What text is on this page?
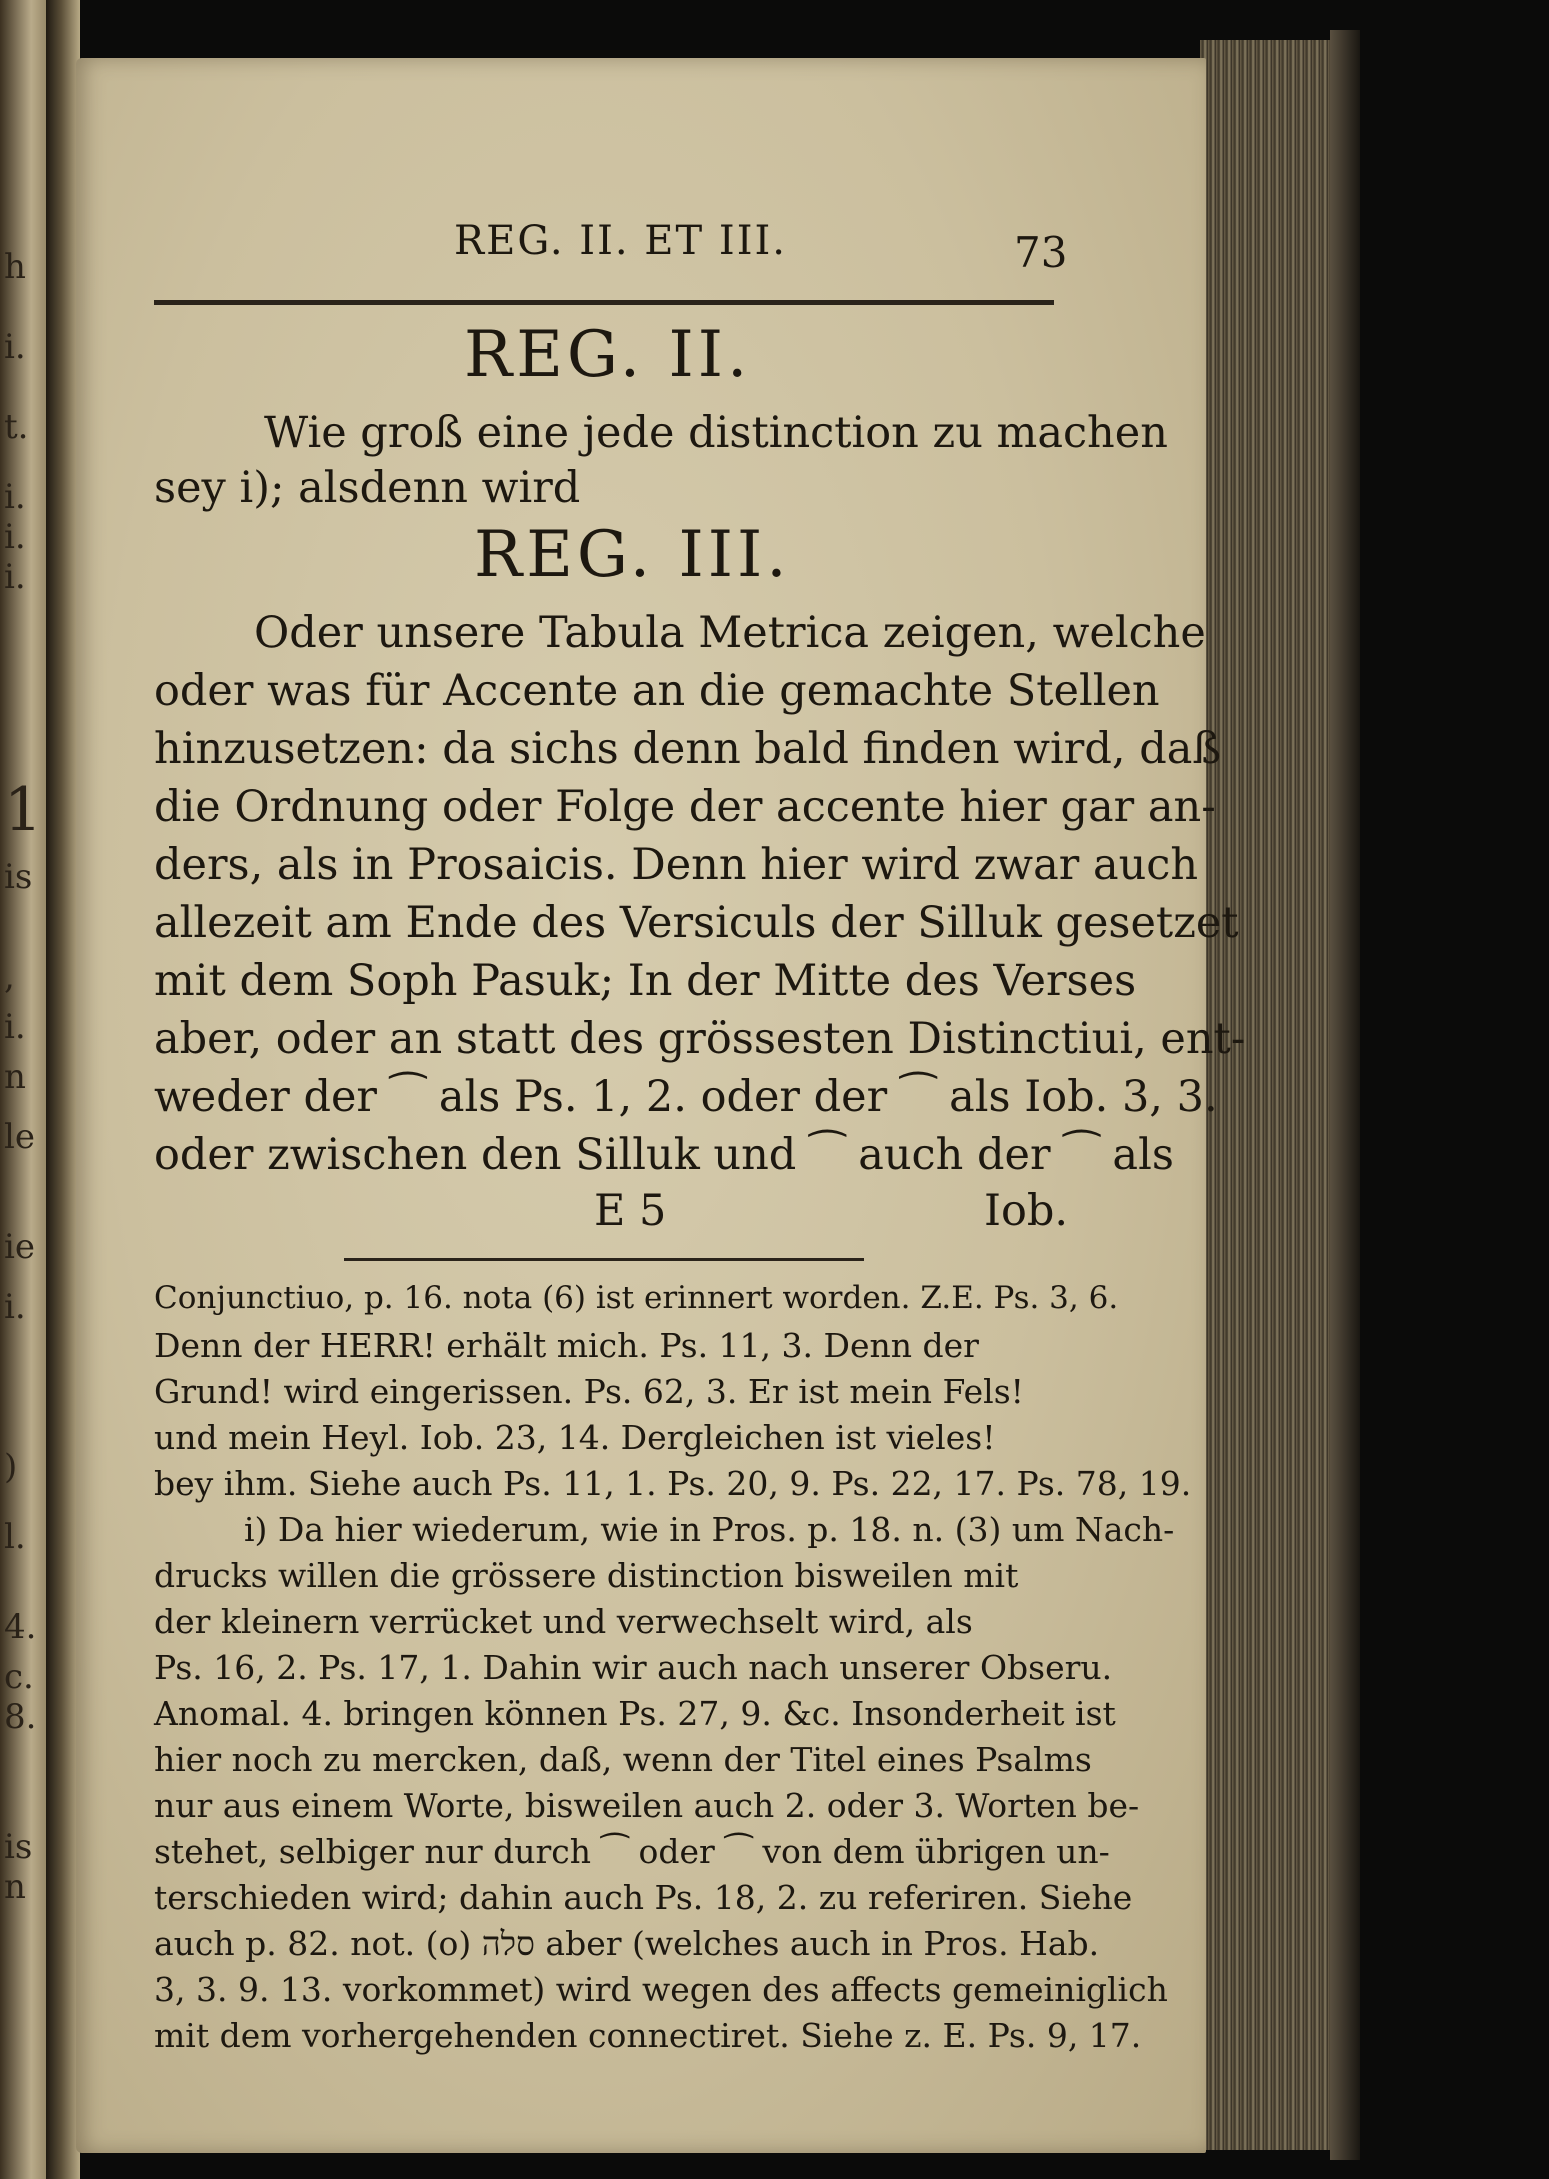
h
i.
t.
i.
i.
i.
1
is
,
i.
n
le
ie
i.
)
l.
4.
c.
8.
is
n
REG. II. ET III.	73
REG. II.
Wie groß eine jede distinction zu machen
sey i); alsdenn wird
REG. III.
Oder unsere Tabula Metrica zeigen, welche
oder was für Accente an die gemachte Stellen
hinzusetzen: da sichs denn bald finden wird, daß
die Ordnung oder Folge der accente hier gar an-
ders, als in Prosaicis. Denn hier wird zwar auch
allezeit am Ende des Versiculs der Silluk gesetzet
mit dem Soph Pasuk; In der Mitte des Verses
aber, oder an statt des grössesten Distinctiui, ent-
weder der ⁀ als Ps. 1, 2. oder der ⁀ als Iob. 3, 3.
oder zwischen den Silluk und ⁀ auch der ⁀ als
E 5	Iob.
Conjunctiuo, p. 16. nota (6) ist erinnert worden. Z.E. Ps. 3, 6.
Denn der HERR! erhält mich. Ps. 11, 3. Denn der
Grund! wird eingerissen. Ps. 62, 3. Er ist mein Fels!
und mein Heyl. Iob. 23, 14. Dergleichen ist vieles!
bey ihm. Siehe auch Ps. 11, 1. Ps. 20, 9. Ps. 22, 17. Ps. 78, 19.
i) Da hier wiederum, wie in Pros. p. 18. n. (3) um Nach-
drucks willen die grössere distinction bisweilen mit
der kleinern verrücket und verwechselt wird, als
Ps. 16, 2. Ps. 17, 1. Dahin wir auch nach unserer Obseru.
Anomal. 4. bringen können Ps. 27, 9. &c. Insonderheit ist
hier noch zu mercken, daß, wenn der Titel eines Psalms
nur aus einem Worte, bisweilen auch 2. oder 3. Worten be-
stehet, selbiger nur durch ⁀ oder ⁀ von dem übrigen un-
terschieden wird; dahin auch Ps. 18, 2. zu referiren. Siehe
auch p. 82. not. (o) סלה aber (welches auch in Pros. Hab.
3, 3. 9. 13. vorkommet) wird wegen des affects gemeiniglich
mit dem vorhergehenden connectiret. Siehe z. E. Ps. 9, 17.
